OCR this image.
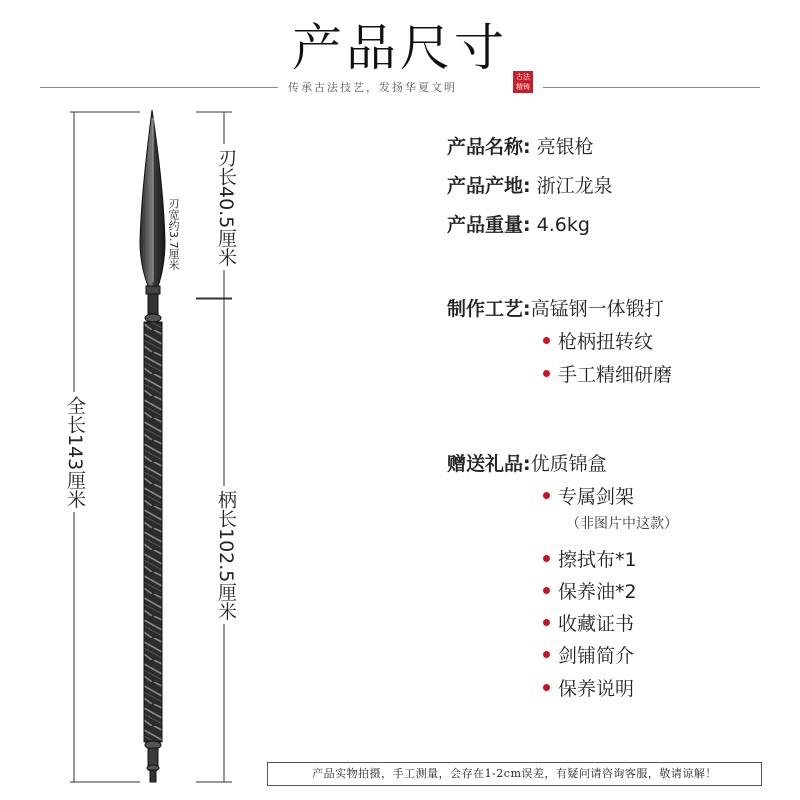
产品尺寸
传承古法技艺，发扬华夏文明
古法
精铸
全长143厘米
刃长40.5厘米
刃宽约3.7厘米
柄长102.5厘米
产品名称: 亮银枪
产品产地: 浙江龙泉
产品重量: 4.6kg
制作工艺:高锰钢一体锻打
枪柄扭转纹
手工精细研磨
赠送礼品:优质锦盒
专属剑架
（非图片中这款）
擦拭布*1
保养油*2
收藏证书
剑铺简介
保养说明
产品实物拍摄，手工测量，会存在1-2cm误差，有疑问请咨询客服，敬请谅解！
